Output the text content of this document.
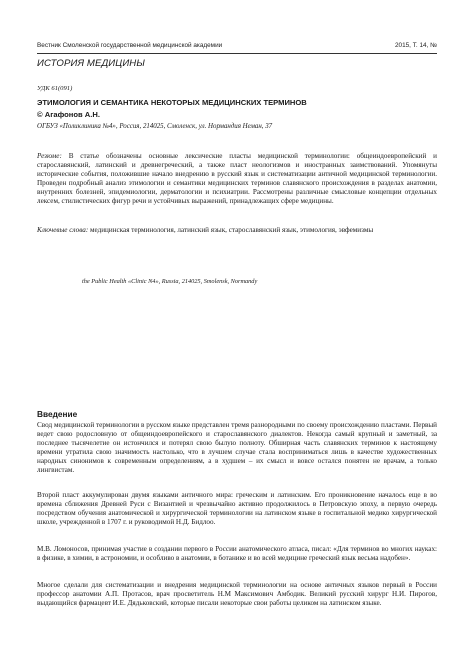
Вестник Смоленской государственной медицинской академии	2015, Т. 14, №
ИСТОРИЯ МЕДИЦИНЫ
УДК 61(091)
ЭТИМОЛОГИЯ И СЕМАНТИКА НЕКОТОРЫХ МЕДИЦИНСКИХ ТЕРМИНОВ
© Агафонов А.Н.
ОГБУЗ «Поликлиника №4», Россия, 214025, Смоленск, ул. Нормандия Неман, 37
Резюме: В статье обозначены основные лексические пласты медицинской терминологии: общеиндоевропейский и старославянский, латинский и древнегреческий, а также пласт неологизмов и иностранных заимствований. Упомянуты исторические события, положившие начало внедрению в русский язык и систематизации античной медицинской терминологии. Проведен подробный анализ этимологии и семантики медицинских терминов славянского происхождения в разделах анатомии, внутренних болезней, эпидемиологии, дерматологии и психиатрии. Рассмотрены различные смысловые концепции отдельных лексем, стилистических фигур речи и устойчивых выражений, принадлежащих сфере медицины.
Ключевые слова: медицинская терминология, латинский язык, старославянский язык, этимология, эвфемизмы
the Public Health «Clinic N4», Russia, 214025, Smolensk, Normandy
Введение

Свод медицинской терминологии в русском языке представлен тремя разнородными по своему происхождению пластами. Первый ведет свою родословную от общеиндоевропейского и старославянского диалектов. Некогда самый крупный и заметный, за последнее тысячелетие он истончился и потерял свою былую полноту. Обширная часть славянских терминов к настоящему времени утратила свою значимость настолько, что в лучшем случае стала восприниматься лишь в качестве художественных народных синонимов к современным определениям, а в худшем – их смысл и вовсе остался понятен не врачам, а только лингвистам.

Второй пласт аккумулирован двумя языками античного мира: греческим и латинским. Его проникновение началось еще в во времена сближения Древней Руси с Византией и чрезвычайно активно продолжилось в Петровскую эпоху, в первую очередь посредством обучения анатомической и хирургической терминологии на латинском языке в госпитальной медико хирургической школе, учрежденной в 1707 г. и руководимой Н.Д. Бидлоо.

М.В. Ломоносов, принимая участие в создании первого в России анатомического атласа, писал: «Для терминов во многих науках: в физике, в химии, в астрономии, и особливо в анатомии, в ботанике и во всей медицине греческий язык весьма надобен».

Многое сделали для систематизации и внедрения медицинской терминологии на основе античных языков первый в России профессор анатомии А.П. Протасов, врач просветитель Н.М Максимович Амбодик. Великий русский хирург Н.И. Пирогов, выдающийся фармацевт И.Е. Дядьковский, которые писали некоторые свои работы целиком на латинском языке.
